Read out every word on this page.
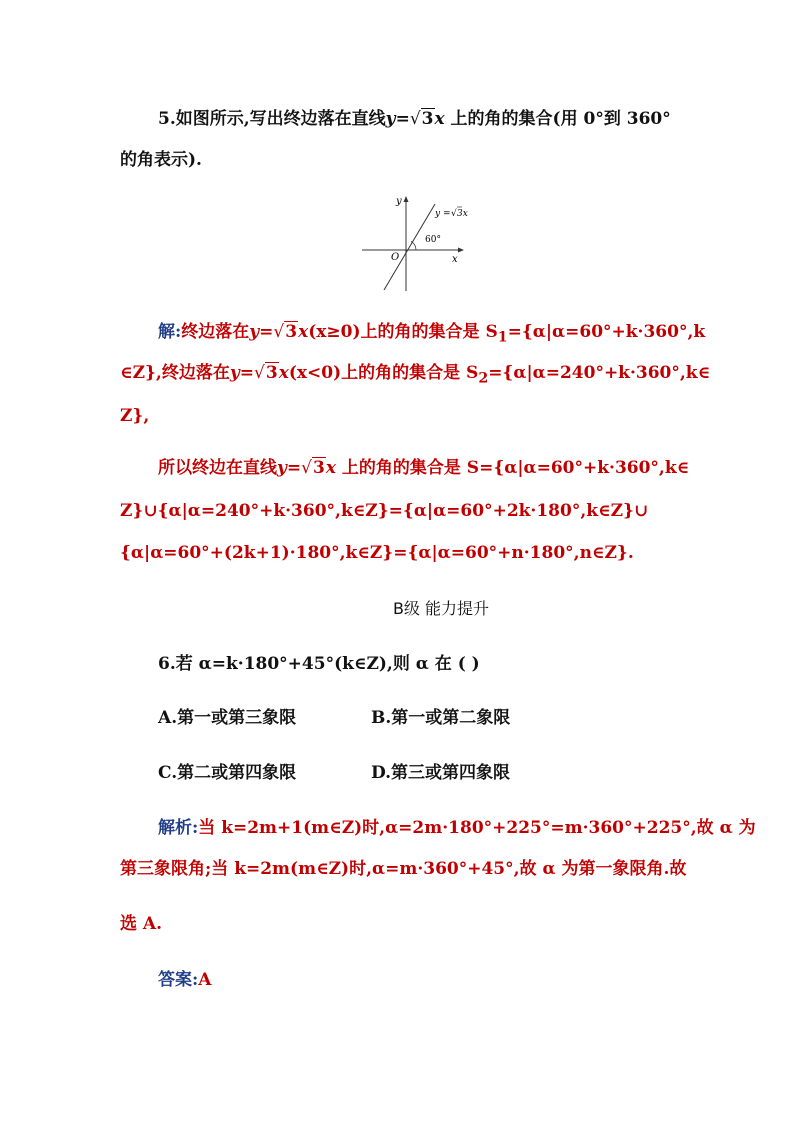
5.如图所示,写出终边落在直线y=√3x 上的角的集合(用 0°到 360°
的角表示).
y
x
O
y = √ 3x
60°
解:终边落在y=√3x(x≥0)上的角的集合是 $S_1=\{\alpha|\alpha=60^\circ+k\cdot 360^\circ,k$
∈Z},终边落在y=√3x(x<0)上的角的集合是 $S_2=\{\alpha|\alpha=240^\circ+k\cdot 360^\circ,k\in$
Z},
所以终边在直线y=√3x 上的角的集合是 S={α|α=60°+k·360°,k∈
Z}∪{α|α=240°+k·360°,k∈Z}={α|α=60°+2k·180°,k∈Z}∪
{α|α=60°+(2k+1)·180°,k∈Z}={α|α=60°+n·180°,n∈Z}.
B级 能力提升
6.若 α=k·180°+45°(k∈Z),则 α 在 ( )
A.第一或第三象限	B.第一或第二象限
C.第二或第四象限	D.第三或第四象限
解析:当 k=2m+1(m∈Z)时,α=2m·180°+225°=m·360°+225°,故 α 为
第三象限角;当 k=2m(m∈Z)时,α=m·360°+45°,故 α 为第一象限角.故
选 A.
答案:A
